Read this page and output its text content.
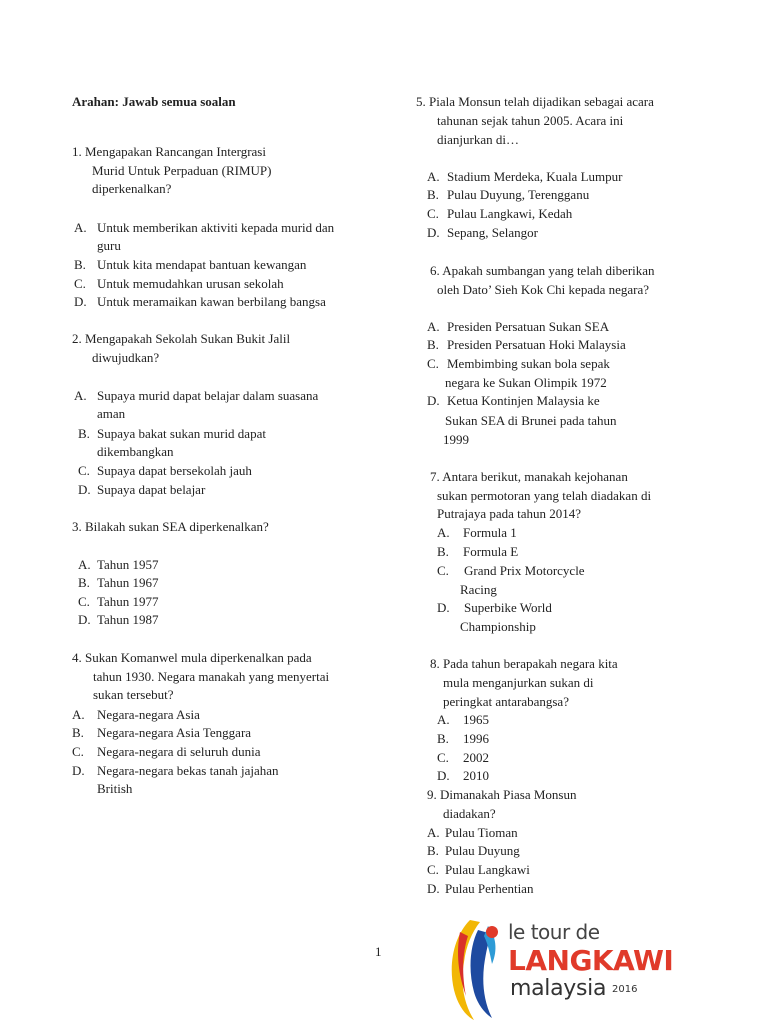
Arahan: Jawab semua soalan
1. Mengapakan Rancangan Intergrasi
Murid Untuk Perpaduan (RIMUP)
diperkenalkan?
A. Untuk memberikan aktiviti kepada murid dan
guru
B. Untuk kita mendapat bantuan kewangan
C. Untuk memudahkan urusan sekolah
D. Untuk meramaikan kawan berbilang bangsa
2. Mengapakah Sekolah Sukan Bukit Jalil
diwujudkan?
A. Supaya murid dapat belajar dalam suasana
aman
B. Supaya bakat sukan murid dapat
dikembangkan
C. Supaya dapat bersekolah jauh
D. Supaya dapat belajar
3. Bilakah sukan SEA diperkenalkan?
A. Tahun 1957
B. Tahun 1967
C. Tahun 1977
D. Tahun 1987
4. Sukan Komanwel mula diperkenalkan pada
tahun 1930. Negara manakah yang menyertai
sukan tersebut?
A. Negara-negara Asia
B. Negara-negara Asia Tenggara
C. Negara-negara di seluruh dunia
D. Negara-negara bekas tanah jajahan
British
5. Piala Monsun telah dijadikan sebagai acara
tahunan sejak tahun 2005. Acara ini
dianjurkan di…
A. Stadium Merdeka, Kuala Lumpur
B. Pulau Duyung, Terengganu
C. Pulau Langkawi, Kedah
D. Sepang, Selangor
6. Apakah sumbangan yang telah diberikan
oleh Dato’ Sieh Kok Chi kepada negara?
A. Presiden Persatuan Sukan SEA
B. Presiden Persatuan Hoki Malaysia
C. Membimbing sukan bola sepak
negara ke Sukan Olimpik 1972
D. Ketua Kontinjen Malaysia ke
Sukan SEA di Brunei pada tahun
1999
7. Antara berikut, manakah kejohanan
sukan permotoran yang telah diadakan di
Putrajaya pada tahun 2014?
A. Formula 1
B. Formula E
C. Grand Prix Motorcycle
Racing
D. Superbike World
Championship
8. Pada tahun berapakah negara kita
mula menganjurkan sukan di
peringkat antarabangsa?
A. 1965
B. 1996
C. 2002
D. 2010
9. Dimanakah Piasa Monsun
diadakan?
A. Pulau Tioman
B. Pulau Duyung
C. Pulau Langkawi
D. Pulau Perhentian
1
le tour de
LANGKAWI
malaysia 2016
